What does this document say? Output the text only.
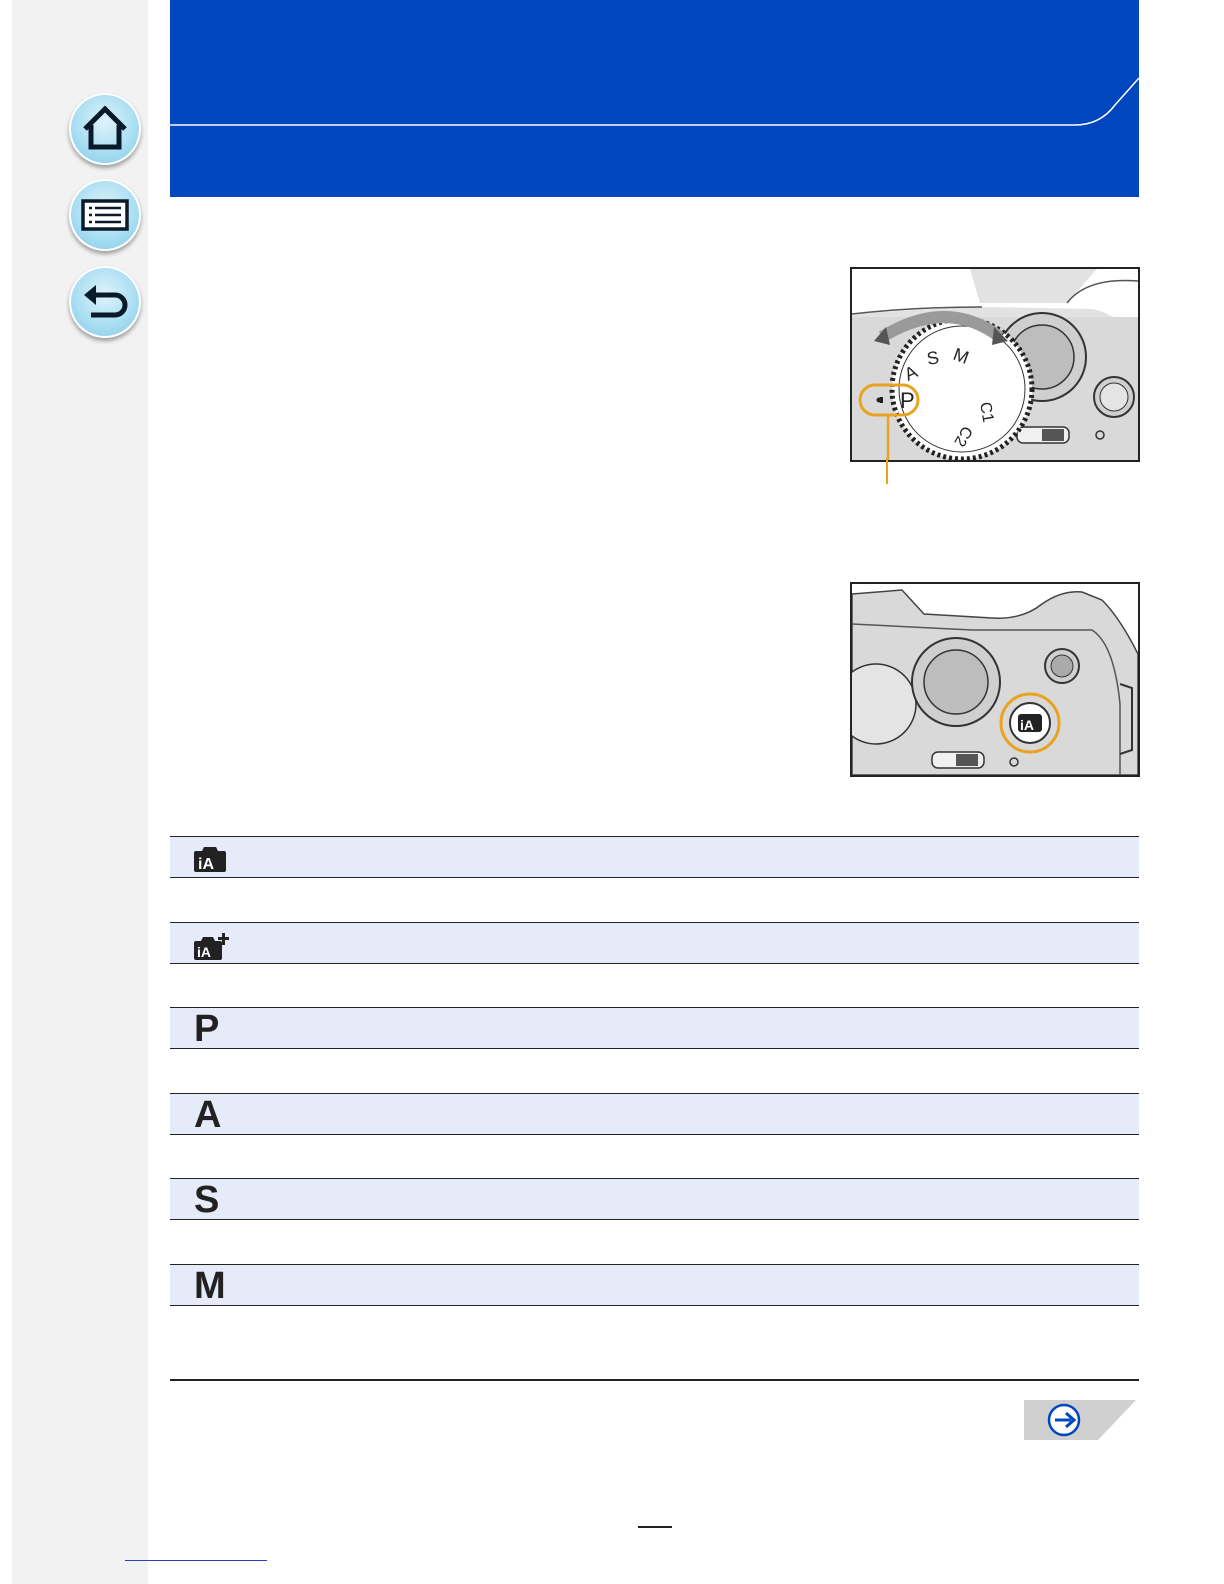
P
A
S M
C1
C2
iA
iA
iA
P
A
S
M
